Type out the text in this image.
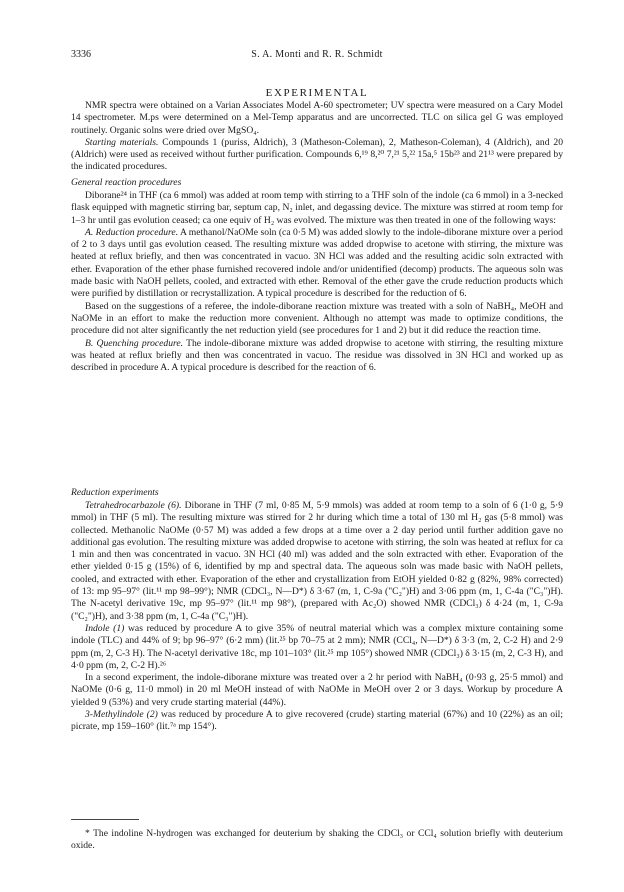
3336	S. A. Monti and R. R. Schmidt
EXPERIMENTAL

NMR spectra were obtained on a Varian Associates Model A-60 spectrometer; UV spectra were measured on a Cary Model 14 spectrometer. M.ps were determined on a Mel-Temp apparatus and are uncorrected. TLC on silica gel G was employed routinely. Organic solns were dried over MgSO₄.

Starting materials. Compounds 1 (puriss, Aldrich), 3 (Matheson-Coleman), 2, Matheson-Coleman), 4 (Aldrich), and 20 (Aldrich) were used as received without further purification. Compounds 6,¹⁹ 8,²⁰ 7,²¹ 5,²² 15a,⁵ 15b²³ and 21¹³ were prepared by the indicated procedures.

General reaction procedures

Diborane²⁴ in THF (ca 6 mmol) was added at room temp with stirring to a THF soln of the indole (ca 6 mmol) in a 3-necked flask equipped with magnetic stirring bar, septum cap, N₂ inlet, and degassing device. The mixture was stirred at room temp for 1–3 hr until gas evolution ceased; ca one equiv of H₂ was evolved. The mixture was then treated in one of the following ways:

A. Reduction procedure. A methanol/NaOMe soln (ca 0·5 M) was added slowly to the indole-diborane mixture over a period of 2 to 3 days until gas evolution ceased. The resulting mixture was added dropwise to acetone with stirring, the mixture was heated at reflux briefly, and then was concentrated in vacuo. 3N HCl was added and the resulting acidic soln extracted with ether. Evaporation of the ether phase furnished recovered indole and/or unidentified (decomp) products. The aqueous soln was made basic with NaOH pellets, cooled, and extracted with ether. Removal of the ether gave the crude reduction products which were purified by distillation or recrystallization. A typical procedure is described for the reduction of 6.

Based on the suggestions of a referee, the indole-diborane reaction mixture was treated with a soln of NaBH₄, MeOH and NaOMe in an effort to make the reduction more convenient. Although no attempt was made to optimize conditions, the procedure did not alter significantly the net reduction yield (see procedures for 1 and 2) but it did reduce the reaction time.

B. Quenching procedure. The indole-diborane mixture was added dropwise to acetone with stirring, the resulting mixture was heated at reflux briefly and then was concentrated in vacuo. The residue was dissolved in 3N HCl and worked up as described in procedure A. A typical procedure is described for the reaction of 6.

Reduction experiments

Tetrahedrocarbazole (6). Diborane in THF (7 ml, 0·85 M, 5·9 mmols) was added at room temp to a soln of 6 (1·0 g, 5·9 mmol) in THF (5 ml). The resulting mixture was stirred for 2 hr during which time a total of 130 ml H₂ gas (5·8 mmol) was collected. Methanolic NaOMe (0·57 M) was added a few drops at a time over a 2 day period until further addition gave no additional gas evolution. The resulting mixture was added dropwise to acetone with stirring, the soln was heated at reflux for ca 1 min and then was concentrated in vacuo. 3N HCl (40 ml) was added and the soln extracted with ether. Evaporation of the ether yielded 0·15 g (15%) of 6, identified by mp and spectral data. The aqueous soln was made basic with NaOH pellets, cooled, and extracted with ether. Evaporation of the ether and crystallization from EtOH yielded 0·82 g (82%, 98% corrected) of 13: mp 95–97° (lit.¹¹ mp 98–99°); NMR (CDCl₃, N—D*) δ 3·67 (m, 1, C-9a ("C₂")H) and 3·06 ppm (m, 1, C-4a ("C₃")H). The N-acetyl derivative 19c, mp 95–97° (lit.¹¹ mp 98°), (prepared with Ac₂O) showed NMR (CDCl₃) δ 4·24 (m, 1, C-9a ("C₂")H), and 3·38 ppm (m, 1, C-4a ("C₃")H).

Indole (1) was reduced by procedure A to give 35% of neutral material which was a complex mixture containing some indole (TLC) and 44% of 9; bp 96–97° (6·2 mm) (lit.²⁵ bp 70–75 at 2 mm); NMR (CCl₄, N—D*) δ 3·3 (m, 2, C-2 H) and 2·9 ppm (m, 2, C-3 H). The N-acetyl derivative 18c, mp 101–103° (lit.²⁵ mp 105°) showed NMR (CDCl₃) δ 3·15 (m, 2, C-3 H), and 4·0 ppm (m, 2, C-2 H).²⁶

In a second experiment, the indole-diborane mixture was treated over a 2 hr period with NaBH₄ (0·93 g, 25·5 mmol) and NaOMe (0·6 g, 11·0 mmol) in 20 ml MeOH instead of with NaOMe in MeOH over 2 or 3 days. Workup by procedure A yielded 9 (53%) and very crude starting material (44%).

3-Methylindole (2) was reduced by procedure A to give recovered (crude) starting material (67%) and 10 (22%) as an oil; picrate, mp 159–160° (lit.⁷ᵃ mp 154°).

* The indoline N-hydrogen was exchanged for deuterium by shaking the CDCl₃ or CCl₄ solution briefly with deuterium oxide.
